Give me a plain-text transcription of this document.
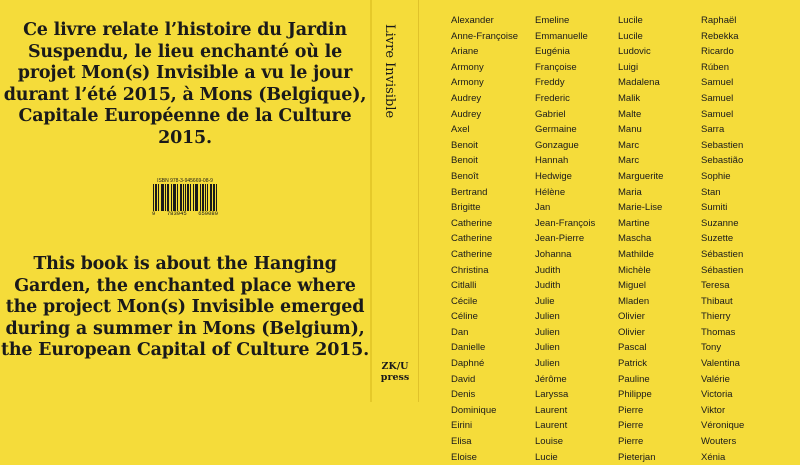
Ce livre relate l’histoire du Jardin Suspendu, le lieu enchanté où le projet Mon(s) Invisible a vu le jour durant l’été 2015, à Mons (Belgique), Capitale Européenne de la Culture 2015.
ISBN 978-3-945669-08-9
9 783945 659089
This book is about the Hanging Garden, the enchanted place where the project Mon(s) Invisible emerged during a summer in Mons (Belgium), the European Capital of Culture 2015.
Livre Invisible
ZK/U press
Alexander
Anne-Françoise
Ariane
Armony
Armony
Audrey
Audrey
Axel
Benoit
Benoit
Benoît
Bertrand
Brigitte
Catherine
Catherine
Catherine
Christina
Citlalli
Cécile
Céline
Dan
Danielle
Daphné
David
Denis
Dominique
Eirini
Elisa
Eloise
Emeline
Emmanuelle
Eugénia
Françoise
Freddy
Frederic
Gabriel
Germaine
Gonzague
Hannah
Hedwige
Hélène
Jan
Jean-François
Jean-Pierre
Johanna
Judith
Judith
Julie
Julien
Julien
Julien
Julien
Jérôme
Laryssa
Laurent
Laurent
Louise
Lucie
Lucile
Lucile
Ludovic
Luigi
Madalena
Malik
Malte
Manu
Marc
Marc
Marguerite
Maria
Marie-Lise
Martine
Mascha
Mathilde
Michèle
Miguel
Mladen
Olivier
Olivier
Pascal
Patrick
Pauline
Philippe
Pierre
Pierre
Pierre
Pieterjan
Raphaël
Rebekka
Ricardo
Rúben
Samuel
Samuel
Samuel
Sarra
Sebastien
Sebastião
Sophie
Stan
Sumiti
Suzanne
Suzette
Sébastien
Sébastien
Teresa
Thibaut
Thierry
Thomas
Tony
Valentina
Valérie
Victoria
Viktor
Véronique
Wouters
Xénia
